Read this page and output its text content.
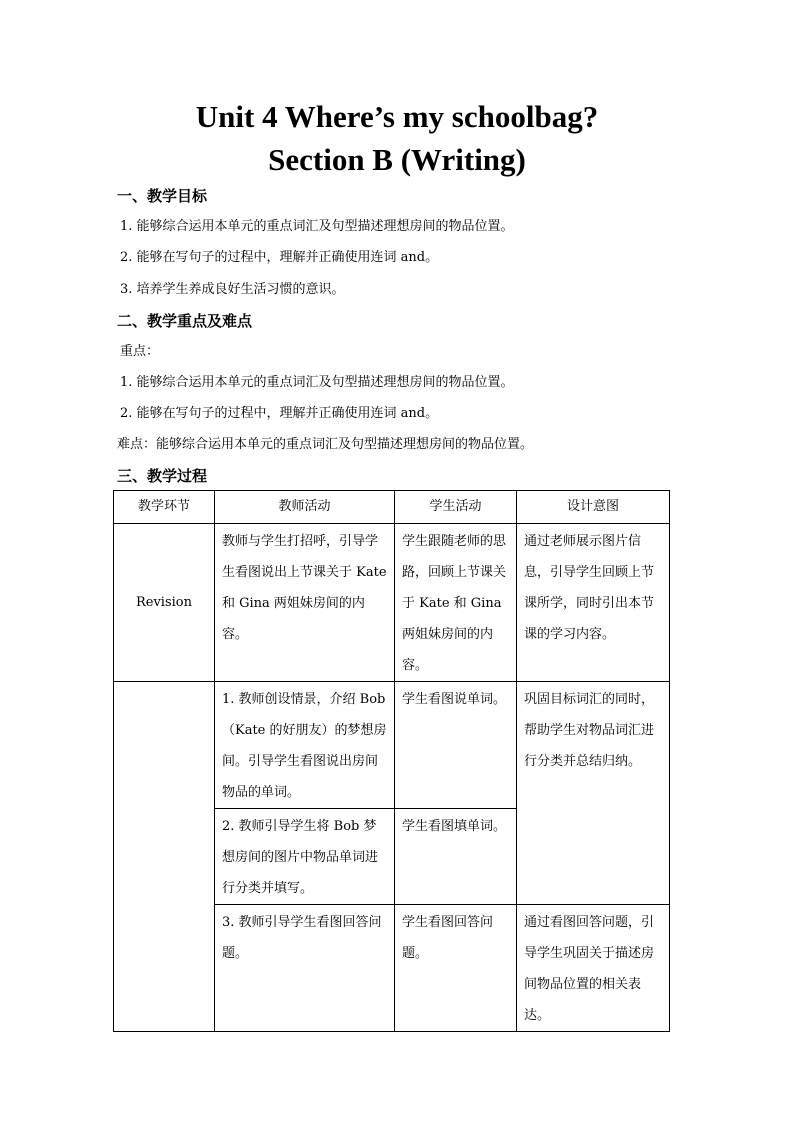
Unit 4 Where’s my schoolbag?
Section B (Writing)

一、教学目标

1. 能够综合运用本单元的重点词汇及句型描述理想房间的物品位置。

2. 能够在写句子的过程中，理解并正确使用连词 and。

3. 培养学生养成良好生活习惯的意识。

二、教学重点及难点

重点：

1. 能够综合运用本单元的重点词汇及句型描述理想房间的物品位置。

2. 能够在写句子的过程中，理解并正确使用连词 and。

难点：能够综合运用本单元的重点词汇及句型描述理想房间的物品位置。

三、教学过程

教学环节	教师活动	学生活动	设计意图
Revision	教师与学生打招呼，引导学生看图说出上节课关于 Kate 和 Gina 两姐妹房间的内容。	学生跟随老师的思路，回顾上节课关于 Kate 和 Gina 两姐妹房间的内容。	通过老师展示图片信息，引导学生回顾上节课所学，同时引出本节课的学习内容。
	1. 教师创设情景，介绍 Bob（Kate 的好朋友）的梦想房间。引导学生看图说出房间物品的单词。	学生看图说单词。	巩固目标词汇的同时，帮助学生对物品词汇进行分类并总结归纳。
	2. 教师引导学生将 Bob 梦想房间的图片中物品单词进行分类并填写。	学生看图填单词。	
	3. 教师引导学生看图回答问题。	学生看图回答问题。	通过看图回答问题，引导学生巩固关于描述房间物品位置的相关表达。
